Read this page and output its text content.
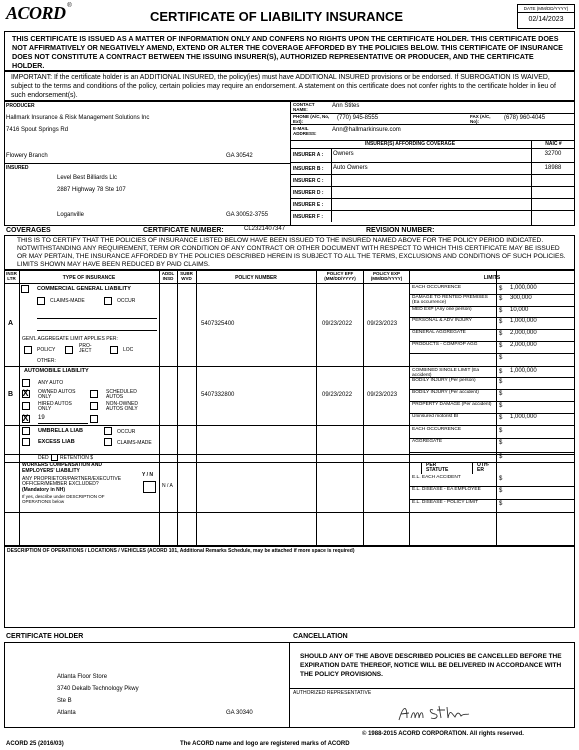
ACORD ®
CERTIFICATE OF LIABILITY INSURANCE
DATE (MM/DD/YYYY)
02/14/2023
THIS CERTIFICATE IS ISSUED AS A MATTER OF INFORMATION ONLY AND CONFERS NO RIGHTS UPON THE CERTIFICATE HOLDER. THIS CERTIFICATE DOES NOT AFFIRMATIVELY OR NEGATIVELY AMEND, EXTEND OR ALTER THE COVERAGE AFFORDED BY THE POLICIES BELOW. THIS CERTIFICATE OF INSURANCE DOES NOT CONSTITUTE A CONTRACT BETWEEN THE ISSUING INSURER(S), AUTHORIZED REPRESENTATIVE OR PRODUCER, AND THE CERTIFICATE HOLDER.
IMPORTANT: If the certificate holder is an ADDITIONAL INSURED, the policy(ies) must have ADDITIONAL INSURED provisions or be endorsed. If SUBROGATION IS WAIVED, subject to the terms and conditions of the policy, certain policies may require an endorsement. A statement on this certificate does not confer rights to the certificate holder in lieu of such endorsement(s).
PRODUCER
Hallmark Insurance & Risk Management Solutions Inc
7416 Spout Springs Rd
Flowery Branch	GA 30542
CONTACT NAME:
Ann Stites
PHONE (A/C, No, Ext):
(770) 945-8555	FAX (A/C, No):
(678) 960-4045
E-MAIL ADDRESS:
Ann@hallmarkinsure.com
INSURER(S) AFFORDING COVERAGE	NAIC #
INSURER A : Owners	32700
INSURER B : Auto Owners	18988
INSURER C :
INSURER D :
INSURER E :
INSURER F :
INSURED
Level Best Billiards Llc
2887 Highway 78 Ste 107
Loganville	GA 30052-3755
COVERAGES	CERTIFICATE NUMBER:	CL2321407347	REVISION NUMBER:
THIS IS TO CERTIFY THAT THE POLICIES OF INSURANCE LISTED BELOW HAVE BEEN ISSUED TO THE INSURED NAMED ABOVE FOR THE POLICY PERIOD INDICATED. NOTWITHSTANDING ANY REQUIREMENT, TERM OR CONDITION OF ANY CONTRACT OR OTHER DOCUMENT WITH RESPECT TO WHICH THIS CERTIFICATE MAY BE ISSUED OR MAY PERTAIN, THE INSURANCE AFFORDED BY THE POLICIES DESCRIBED HEREIN IS SUBJECT TO ALL THE TERMS, EXCLUSIONS AND CONDITIONS OF SUCH POLICIES. LIMITS SHOWN MAY HAVE BEEN REDUCED BY PAID CLAIMS.
INSR LTR	TYPE OF INSURANCE
ADDL INSD
SUBR WVD	POLICY NUMBER
POLICY EFF (MM/DD/YYYY)
POLICY EXP (MM/DD/YYYY)	LIMITS
A
COMMERCIAL GENERAL LIABILITY
CLAIMS-MADE	OCCUR
GEN'L AGGREGATE LIMIT APPLIES PER:
POLICY
PRO-JECT	LOC
OTHER:
5407325400	09/23/2022 09/23/2023
EACH OCCURRENCE	$ 1,000,000
DAMAGE TO RENTED PREMISES (Ea occurrence)
$ 300,000
MED EXP (Any one person)	$ 10,000
PERSONAL & ADV INJURY	$ 1,000,000
GENERAL AGGREGATE	$ 2,000,000
PRODUCTS - COMP/OP AGG	$ 2,000,000
$
B
AUTOMOBILE LIABILITY
ANY AUTO
X	OWNED AUTOS ONLY
SCHEDULED AUTOS
HIRED AUTOS ONLY
NON-OWNED AUTOS ONLY
X 19
5407332800	09/23/2022 09/23/2023
COMBINED SINGLE LIMIT (Ea accident)
$ 1,000,000
BODILY INJURY (Per person)	$
BODILY INJURY (Per accident)	$
PROPERTY DAMAGE (Per accident)	$
Uninsured motorist BI	$ 1,000,000
UMBRELLA LIAB	OCCUR
EXCESS LIAB	CLAIMS-MADE
DED RETENTION $
EACH OCCURRENCE	$
AGGREGATE	$
$
WORKERS COMPENSATION AND EMPLOYERS' LIABILITY
Y / N
ANY PROPRIETOR/PARTNER/EXECUTIVE OFFICER/MEMBER EXCLUDED?
(Mandatory in NH)
If yes, describe under DESCRIPTION OF OPERATIONS below
N / A
PER STATUTE
OTH-ER
E.L. EACH ACCIDENT	$
E.L. DISEASE - EA EMPLOYEE	$
E.L. DISEASE - POLICY LIMIT	$
DESCRIPTION OF OPERATIONS / LOCATIONS / VEHICLES (ACORD 101, Additional Remarks Schedule, may be attached if more space is required)
CERTIFICATE HOLDER	CANCELLATION
Atlanta Floor Store
3740 Dekalb Technology Pkwy
Ste B
Atlanta	GA 30340
SHOULD ANY OF THE ABOVE DESCRIBED POLICIES BE CANCELLED BEFORE THE EXPIRATION DATE THEREOF, NOTICE WILL BE DELIVERED IN ACCORDANCE WITH THE POLICY PROVISIONS.
AUTHORIZED REPRESENTATIVE
© 1988-2015 ACORD CORPORATION. All rights reserved.
ACORD 25 (2016/03)	The ACORD name and logo are registered marks of ACORD
